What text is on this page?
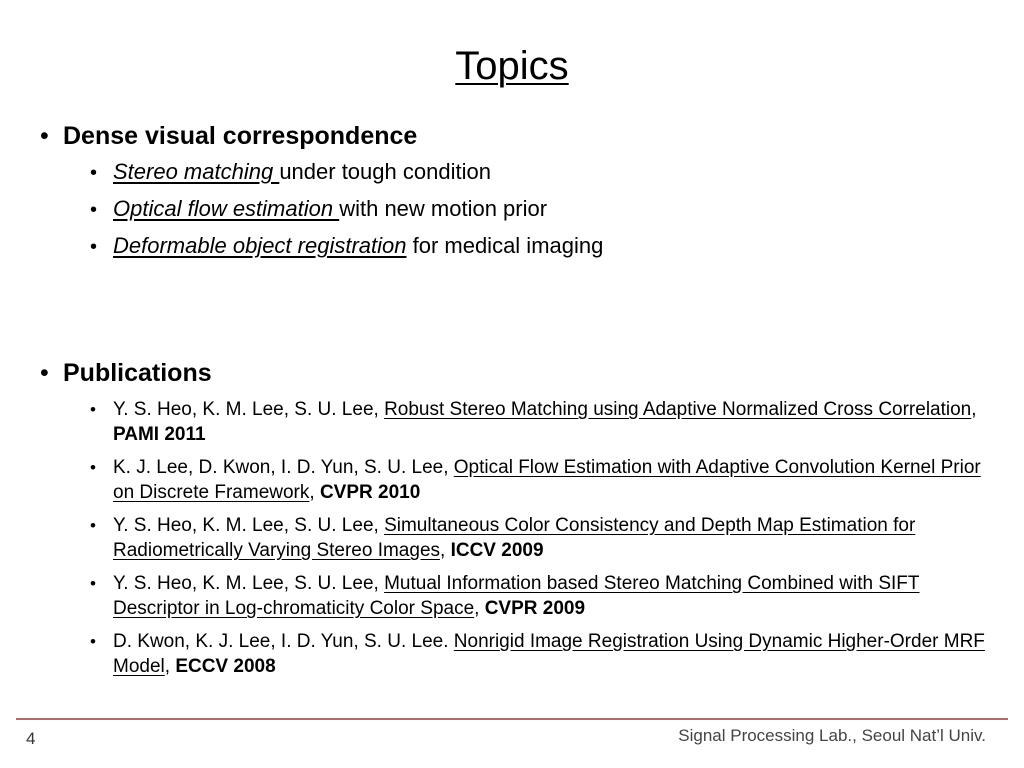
Topics
• Dense visual correspondence
• Stereo matching under tough condition
• Optical flow estimation with new motion prior
• Deformable object registration for medical imaging
• Publications
• Y. S. Heo, K. M. Lee, S. U. Lee, Robust Stereo Matching using Adaptive Normalized Cross Correlation, PAMI 2011
• K. J. Lee, D. Kwon, I. D. Yun, S. U. Lee, Optical Flow Estimation with Adaptive Convolution Kernel Prior on Discrete Framework, CVPR 2010
• Y. S. Heo, K. M. Lee, S. U. Lee, Simultaneous Color Consistency and Depth Map Estimation for Radiometrically Varying Stereo Images, ICCV 2009
• Y. S. Heo, K. M. Lee, S. U. Lee, Mutual Information based Stereo Matching Combined with SIFT Descriptor in Log-chromaticity Color Space, CVPR 2009
• D. Kwon, K. J. Lee, I. D. Yun, S. U. Lee. Nonrigid Image Registration Using Dynamic Higher-Order MRF Model, ECCV 2008
4	Signal Processing Lab., Seoul Nat’l Univ.
